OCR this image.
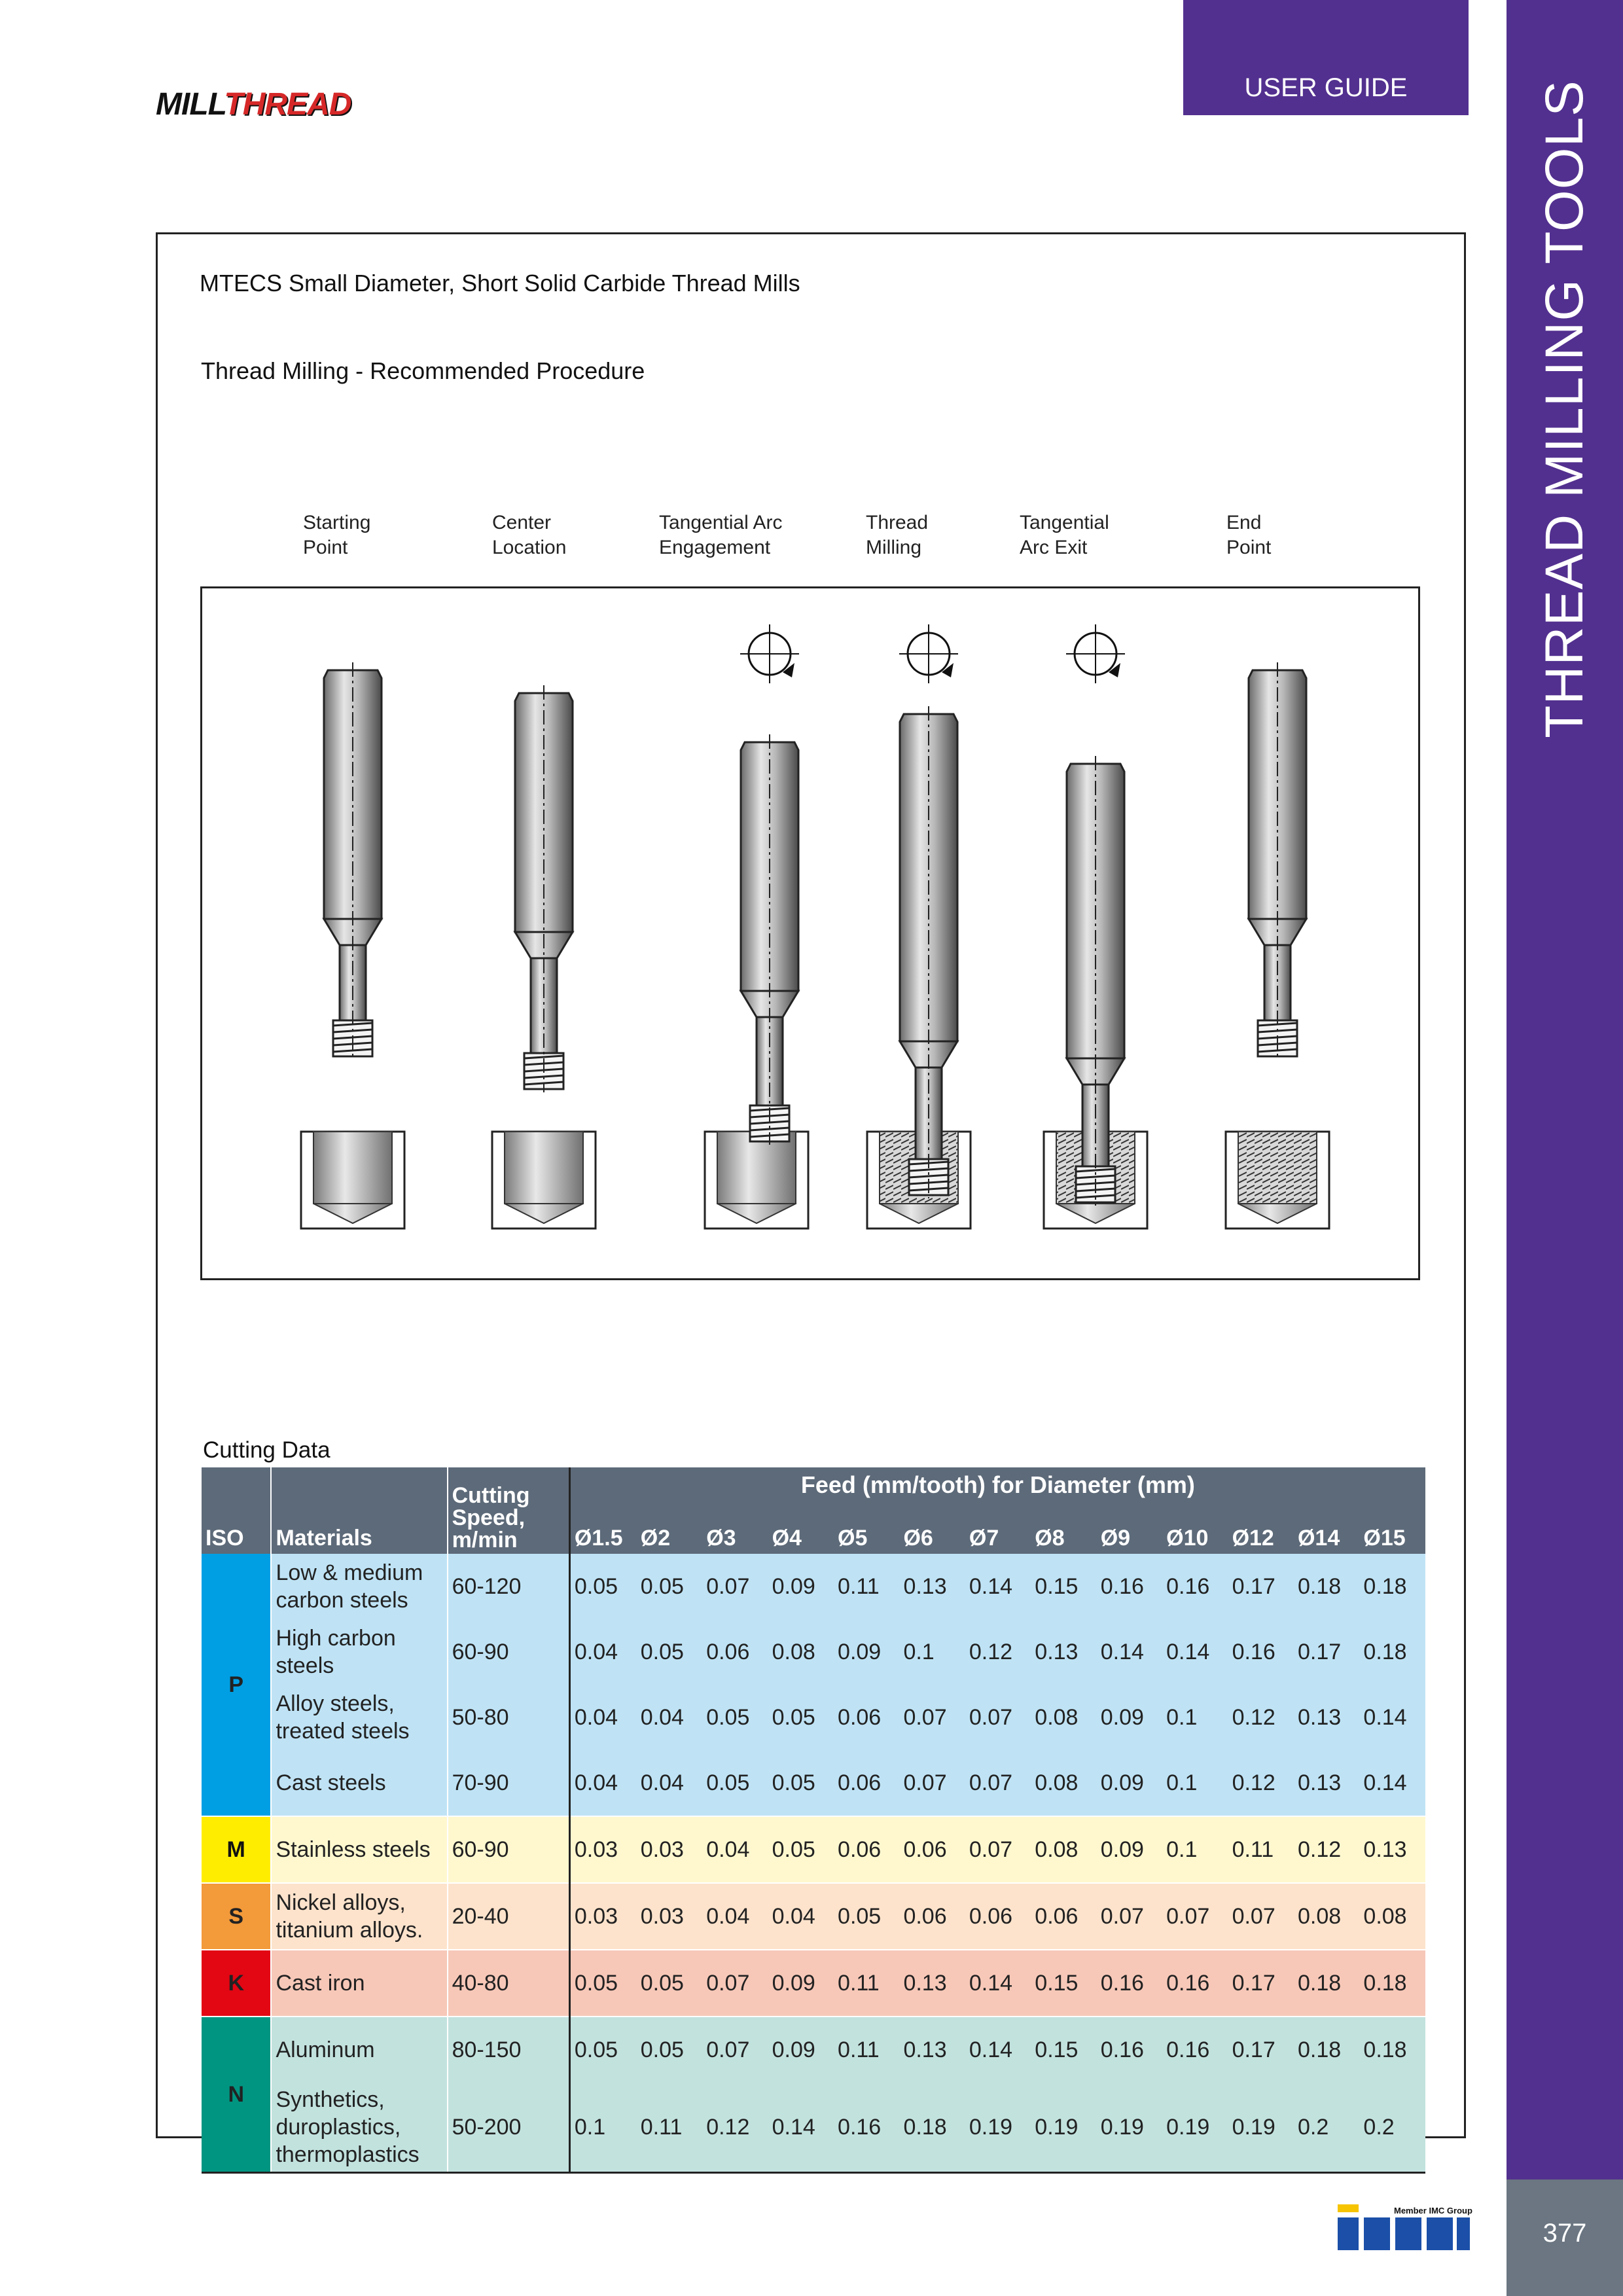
THREAD MILLING TOOLS
377
USER GUIDE
MILLTHREAD
MTECS Small Diameter, Short Solid Carbide Thread Mills
Thread Milling - Recommended Procedure
Starting
Point
Center
Location
Tangential Arc
Engagement
Thread
Milling
Tangential
Arc Exit
End
Point
Cutting Data
ISO	Materials	Cutting
Speed,
m/min	Feed (mm/tooth) for Diameter (mm)												
			Ø1.5	Ø2	Ø3	Ø4	Ø5	Ø6	Ø7	Ø8	Ø9	Ø10	Ø12	Ø14	Ø15
P	Low & medium
carbon steels	60-120	0.05	0.05	0.07	0.09	0.11	0.13	0.14	0.15	0.16	0.16	0.17	0.18	0.18

	High carbon
steels	60-90	0.04	0.05	0.06	0.08	0.09	0.1	0.12	0.13	0.14	0.14	0.16	0.17	0.18

	Alloy steels,
treated steels	50-80	0.04	0.04	0.05	0.05	0.06	0.07	0.07	0.08	0.09	0.1	0.12	0.13	0.14

	Cast steels	70-90	0.04	0.04	0.05	0.05	0.06	0.07	0.07	0.08	0.09	0.1	0.12	0.13	0.14
M	Stainless steels	60-90	0.03	0.03	0.04	0.05	0.06	0.06	0.07	0.08	0.09	0.1	0.11	0.12	0.13
S	Nickel alloys,
titanium alloys.	20-40	0.03	0.03	0.04	0.04	0.05	0.06	0.06	0.06	0.07	0.07	0.07	0.08	0.08
K	Cast iron	40-80	0.05	0.05	0.07	0.09	0.11	0.13	0.14	0.15	0.16	0.16	0.17	0.18	0.18
N	Aluminum	80-150	0.05	0.05	0.07	0.09	0.11	0.13	0.14	0.15	0.16	0.16	0.17	0.18	0.18

	Synthetics,
duroplastics,
thermoplastics	50-200	0.1	0.11	0.12	0.14	0.16	0.18	0.19	0.19	0.19	0.19	0.19	0.2	0.2
Member IMC Group
